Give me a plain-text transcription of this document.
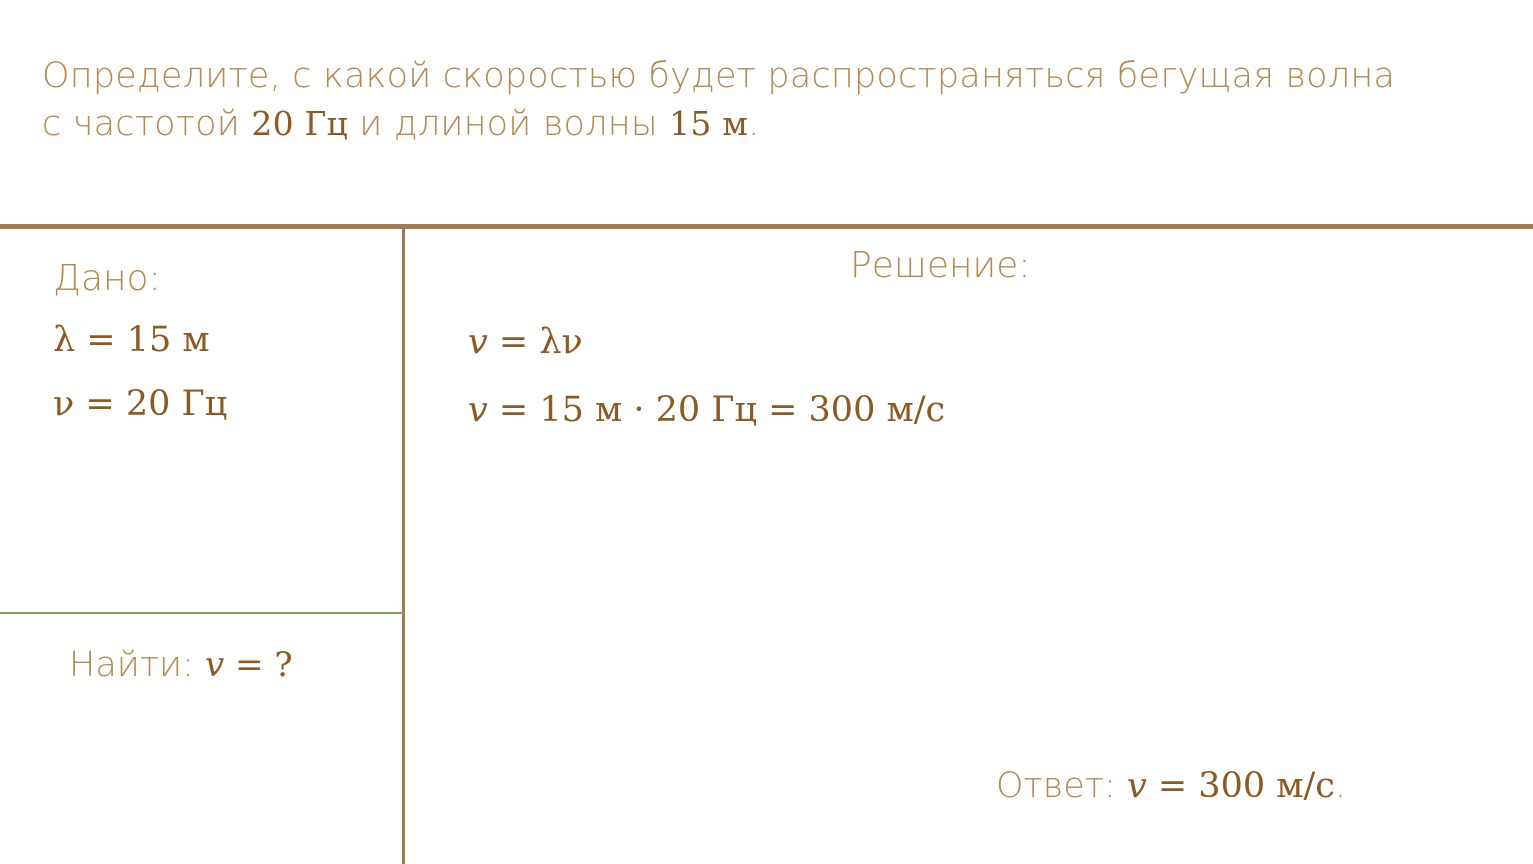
Определите, с какой скоростью будет распространяться бегущая волна
с частотой 20 Гц и длиной волны 15 м.
Дано:
λ = 15 м
ν = 20 Гц
Найти: v = ?
Решение:
v = λν
v = 15 м · 20 Гц = 300 м/с
Ответ: v = 300 м/с.
